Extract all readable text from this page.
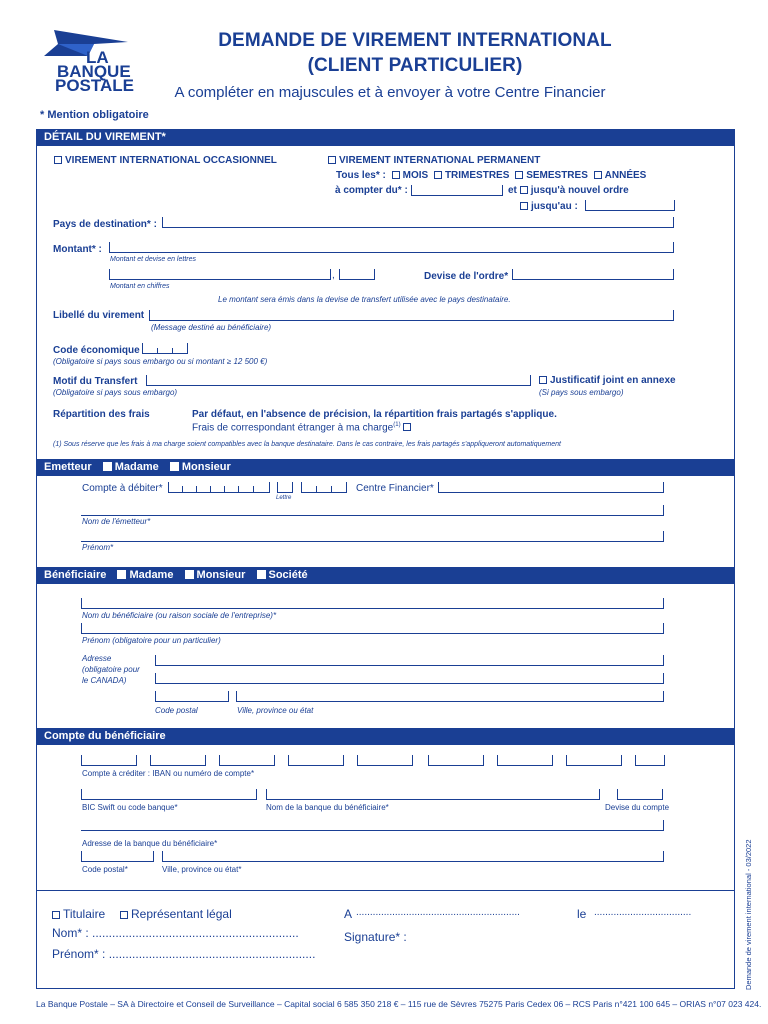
LA
BANQUE
POSTALE
DEMANDE DE VIREMENT INTERNATIONAL
(CLIENT PARTICULIER)
A compléter en majuscules et à envoyer à votre Centre Financier
* Mention obligatoire
DÉTAIL DU VIREMENT*
VIREMENT INTERNATIONAL OCCASIONNEL	VIREMENT INTERNATIONAL PERMANENT
Tous les* : MOIS TRIMESTRES SEMESTRES ANNÉES
à compter du* :	et jusqu'à nouvel ordre
jusqu'au :
Pays de destination* :
Montant* :
Montant et devise en lettres
,	Devise de l'ordre*
Montant en chiffres
Le montant sera émis dans la devise de transfert utilisée avec le pays destinataire.
Libellé du virement
(Message destiné au bénéficiaire)
Code économique
(Obligatoire si pays sous embargo ou si montant ≥ 12 500 €)
Motif du Transfert	Justificatif joint en annexe
(Obligatoire si pays sous embargo)	(Si pays sous embargo)
Répartition des frais	Par défaut, en l'absence de précision, la répartition frais partagés s'applique.
Frais de correspondant étranger à ma charge$^{(1)}$
(1) Sous réserve que les frais à ma charge soient compatibles avec la banque destinataire. Dans le cas contraire, les frais partagés s'appliqueront automatiquement
Emetteur Madame Monsieur
Compte à débiter*
Lettre
Centre Financier*
Nom de l'émetteur*
Prénom*
Bénéficiaire Madame Monsieur Société
Nom du bénéficiaire (ou raison sociale de l'entreprise)*
Prénom (obligatoire pour un particulier)
Adresse
(obligatoire pour
le CANADA)
Code postal	Ville, province ou état
Compte du bénéficiaire
Compte à créditer : IBAN ou numéro de compte*
BIC Swift ou code banque*	Nom de la banque du bénéficiaire*	Devise du compte
Adresse de la banque du bénéficiaire*
Code postal*	Ville, province ou état*
Titulaire	Représentant légal
Nom* : ..............................................................
Prénom* : ..............................................................
A ...........................................................	le ...................................
Signature* :
La Banque Postale – SA à Directoire et Conseil de Surveillance – Capital social 6 585 350 218 € – 115 rue de Sèvres 75275 Paris Cedex 06 – RCS Paris n°421 100 645 – ORIAS n°07 023 424.
Demande de virement international - 03/2022
